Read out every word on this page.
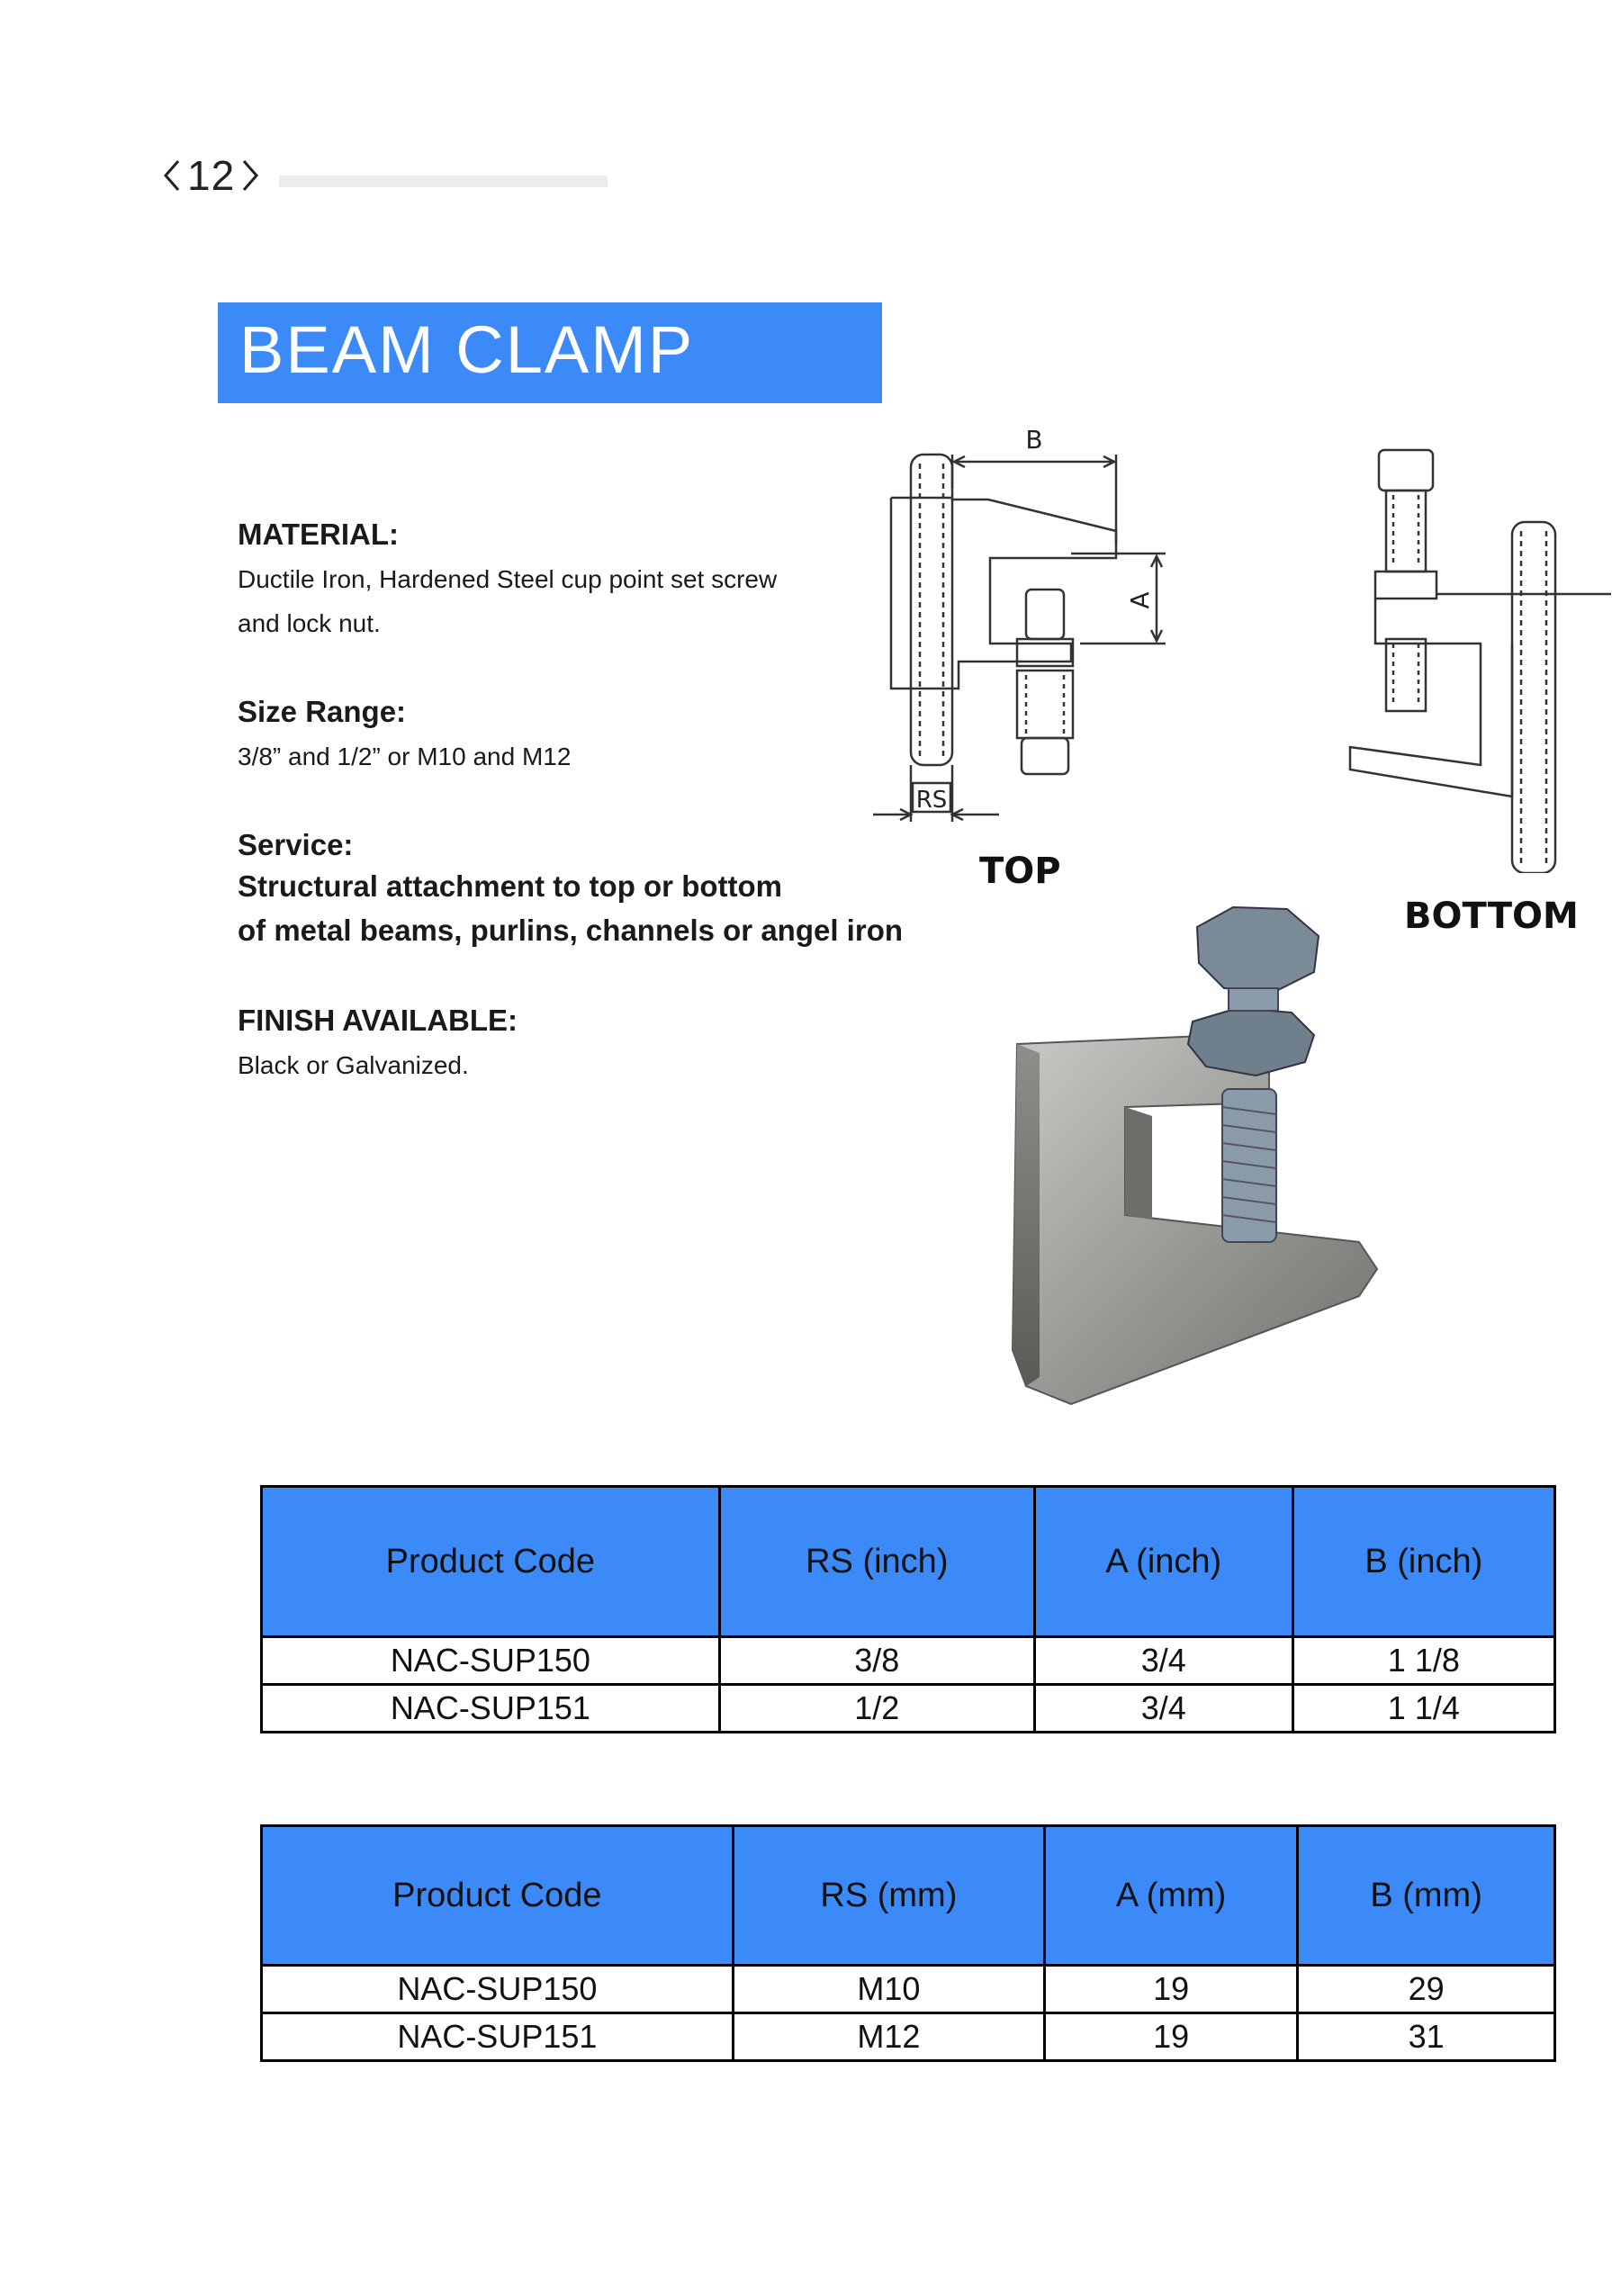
12
BEAM CLAMP

MATERIAL:

Ductile Iron, Hardened Steel cup point set screw

and lock nut.

Size Range:

3/8” and 1/2” or M10 and M12

Service:

Structural attachment to top or bottom

of metal beams, purlins, channels or angel iron

FINISH AVAILABLE:

Black or Galvanized.

B
A
RS
TOP
BOTTOM
Product Code	RS (inch)	A (inch)	B (inch)
NAC-SUP150	3/8	3/4	1 1/8
NAC-SUP151	1/2	3/4	1 1/4
Product Code	RS (mm)	A (mm)	B (mm)
NAC-SUP150	M10	19	29
NAC-SUP151	M12	19	31
